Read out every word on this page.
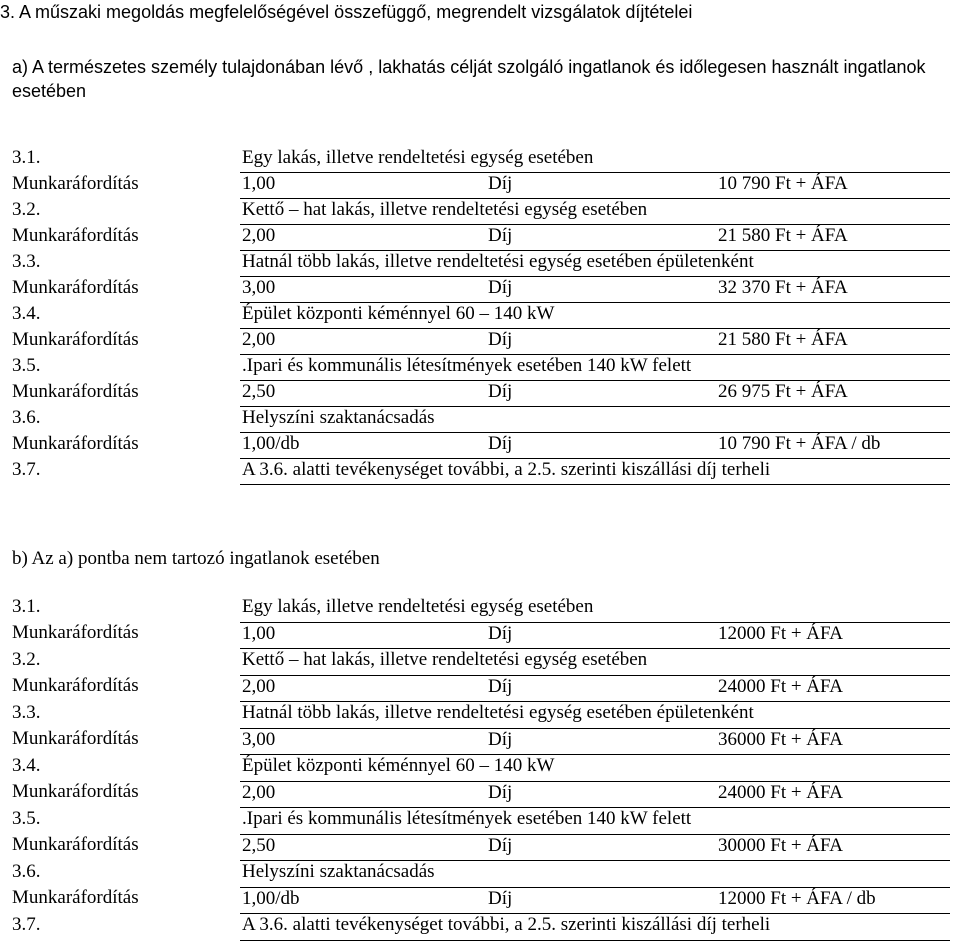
3. A műszaki megoldás megfelelőségével összefüggő, megrendelt vizsgálatok díjtételei
a) A természetes személy tulajdonában lévő , lakhatás célját szolgáló ingatlanok és időlegesen használt ingatlanok esetében
3.1.	Egy lakás, illetve rendeltetési egység esetében		
Munkaráfordítás	1,00	Díj	10 790 Ft + ÁFA
3.2.	Kettő – hat lakás, illetve rendeltetési egység esetében		
Munkaráfordítás	2,00	Díj	21 580 Ft + ÁFA
3.3.	Hatnál több lakás, illetve rendeltetési egység esetében épületenként		
Munkaráfordítás	3,00	Díj	32 370 Ft + ÁFA
3.4.	Épület központi kéménnyel 60 – 140 kW		
Munkaráfordítás	2,00	Díj	21 580 Ft + ÁFA
3.5.	.Ipari és kommunális létesítmények esetében 140 kW felett		
Munkaráfordítás	2,50	Díj	26 975 Ft + ÁFA
3.6.	Helyszíni szaktanácsadás		
Munkaráfordítás	1,00/db	Díj	10 790 Ft + ÁFA / db
3.7.	A 3.6. alatti tevékenységet további, a 2.5. szerinti kiszállási díj terheli		
b) Az a) pontba nem tartozó ingatlanok esetében
3.1.	Egy lakás, illetve rendeltetési egység esetében		
Munkaráfordítás	1,00	Díj	12000 Ft + ÁFA
3.2.	Kettő – hat lakás, illetve rendeltetési egység esetében		
Munkaráfordítás	2,00	Díj	24000 Ft + ÁFA
3.3.	Hatnál több lakás, illetve rendeltetési egység esetében épületenként		
Munkaráfordítás	3,00	Díj	36000 Ft + ÁFA
3.4.	Épület központi kéménnyel 60 – 140 kW		
Munkaráfordítás	2,00	Díj	24000 Ft + ÁFA
3.5.	.Ipari és kommunális létesítmények esetében 140 kW felett		
Munkaráfordítás	2,50	Díj	30000 Ft + ÁFA
3.6.	Helyszíni szaktanácsadás		
Munkaráfordítás	1,00/db	Díj	12000 Ft + ÁFA / db
3.7.	A 3.6. alatti tevékenységet további, a 2.5. szerinti kiszállási díj terheli		
